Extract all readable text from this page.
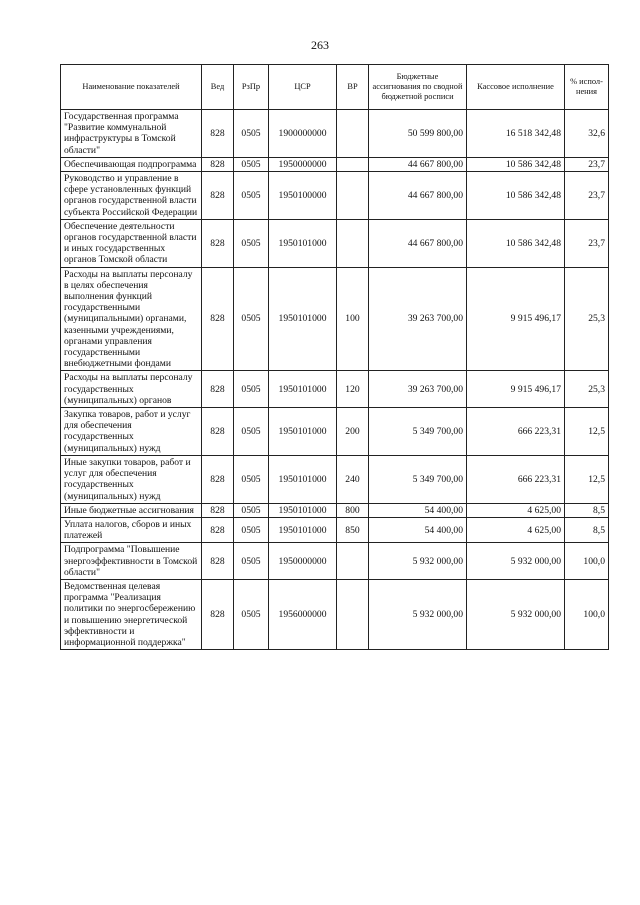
263
Наименование показателей	Вед	РзПр	ЦСР	ВР	Бюджетные ассигнования по сводной бюджетной росписи	Кассовое исполнение	% испол-нения
Государственная программа "Развитие коммунальной инфраструктуры в Томской области"	828	0505	1900000000		50 599 800,00	16 518 342,48	32,6
Обеспечивающая подпрограмма	828	0505	1950000000		44 667 800,00	10 586 342,48	23,7
Руководство и управление в сфере установленных функций органов государственной власти субъекта Российской Федерации	828	0505	1950100000		44 667 800,00	10 586 342,48	23,7
Обеспечение деятельности органов государственной власти и иных государственных органов Томской области	828	0505	1950101000		44 667 800,00	10 586 342,48	23,7
Расходы на выплаты персоналу в целях обеспечения выполнения функций государственными (муниципальными) органами, казенными учреждениями, органами управления государственными внебюджетными фондами	828	0505	1950101000	100	39 263 700,00	9 915 496,17	25,3
Расходы на выплаты персоналу государственных (муниципальных) органов	828	0505	1950101000	120	39 263 700,00	9 915 496,17	25,3
Закупка товаров, работ и услуг для обеспечения государственных (муниципальных) нужд	828	0505	1950101000	200	5 349 700,00	666 223,31	12,5
Иные закупки товаров, работ и услуг для обеспечения государственных (муниципальных) нужд	828	0505	1950101000	240	5 349 700,00	666 223,31	12,5
Иные бюджетные ассигнования	828	0505	1950101000	800	54 400,00	4 625,00	8,5
Уплата налогов, сборов и иных платежей	828	0505	1950101000	850	54 400,00	4 625,00	8,5
Подпрограмма "Повышение энергоэффективности в Томской области"	828	0505	1950000000		5 932 000,00	5 932 000,00	100,0
Ведомственная целевая программа "Реализация политики по энергосбережению и повышению энергетической эффективности и информационной поддержка"	828	0505	1956000000		5 932 000,00	5 932 000,00	100,0
